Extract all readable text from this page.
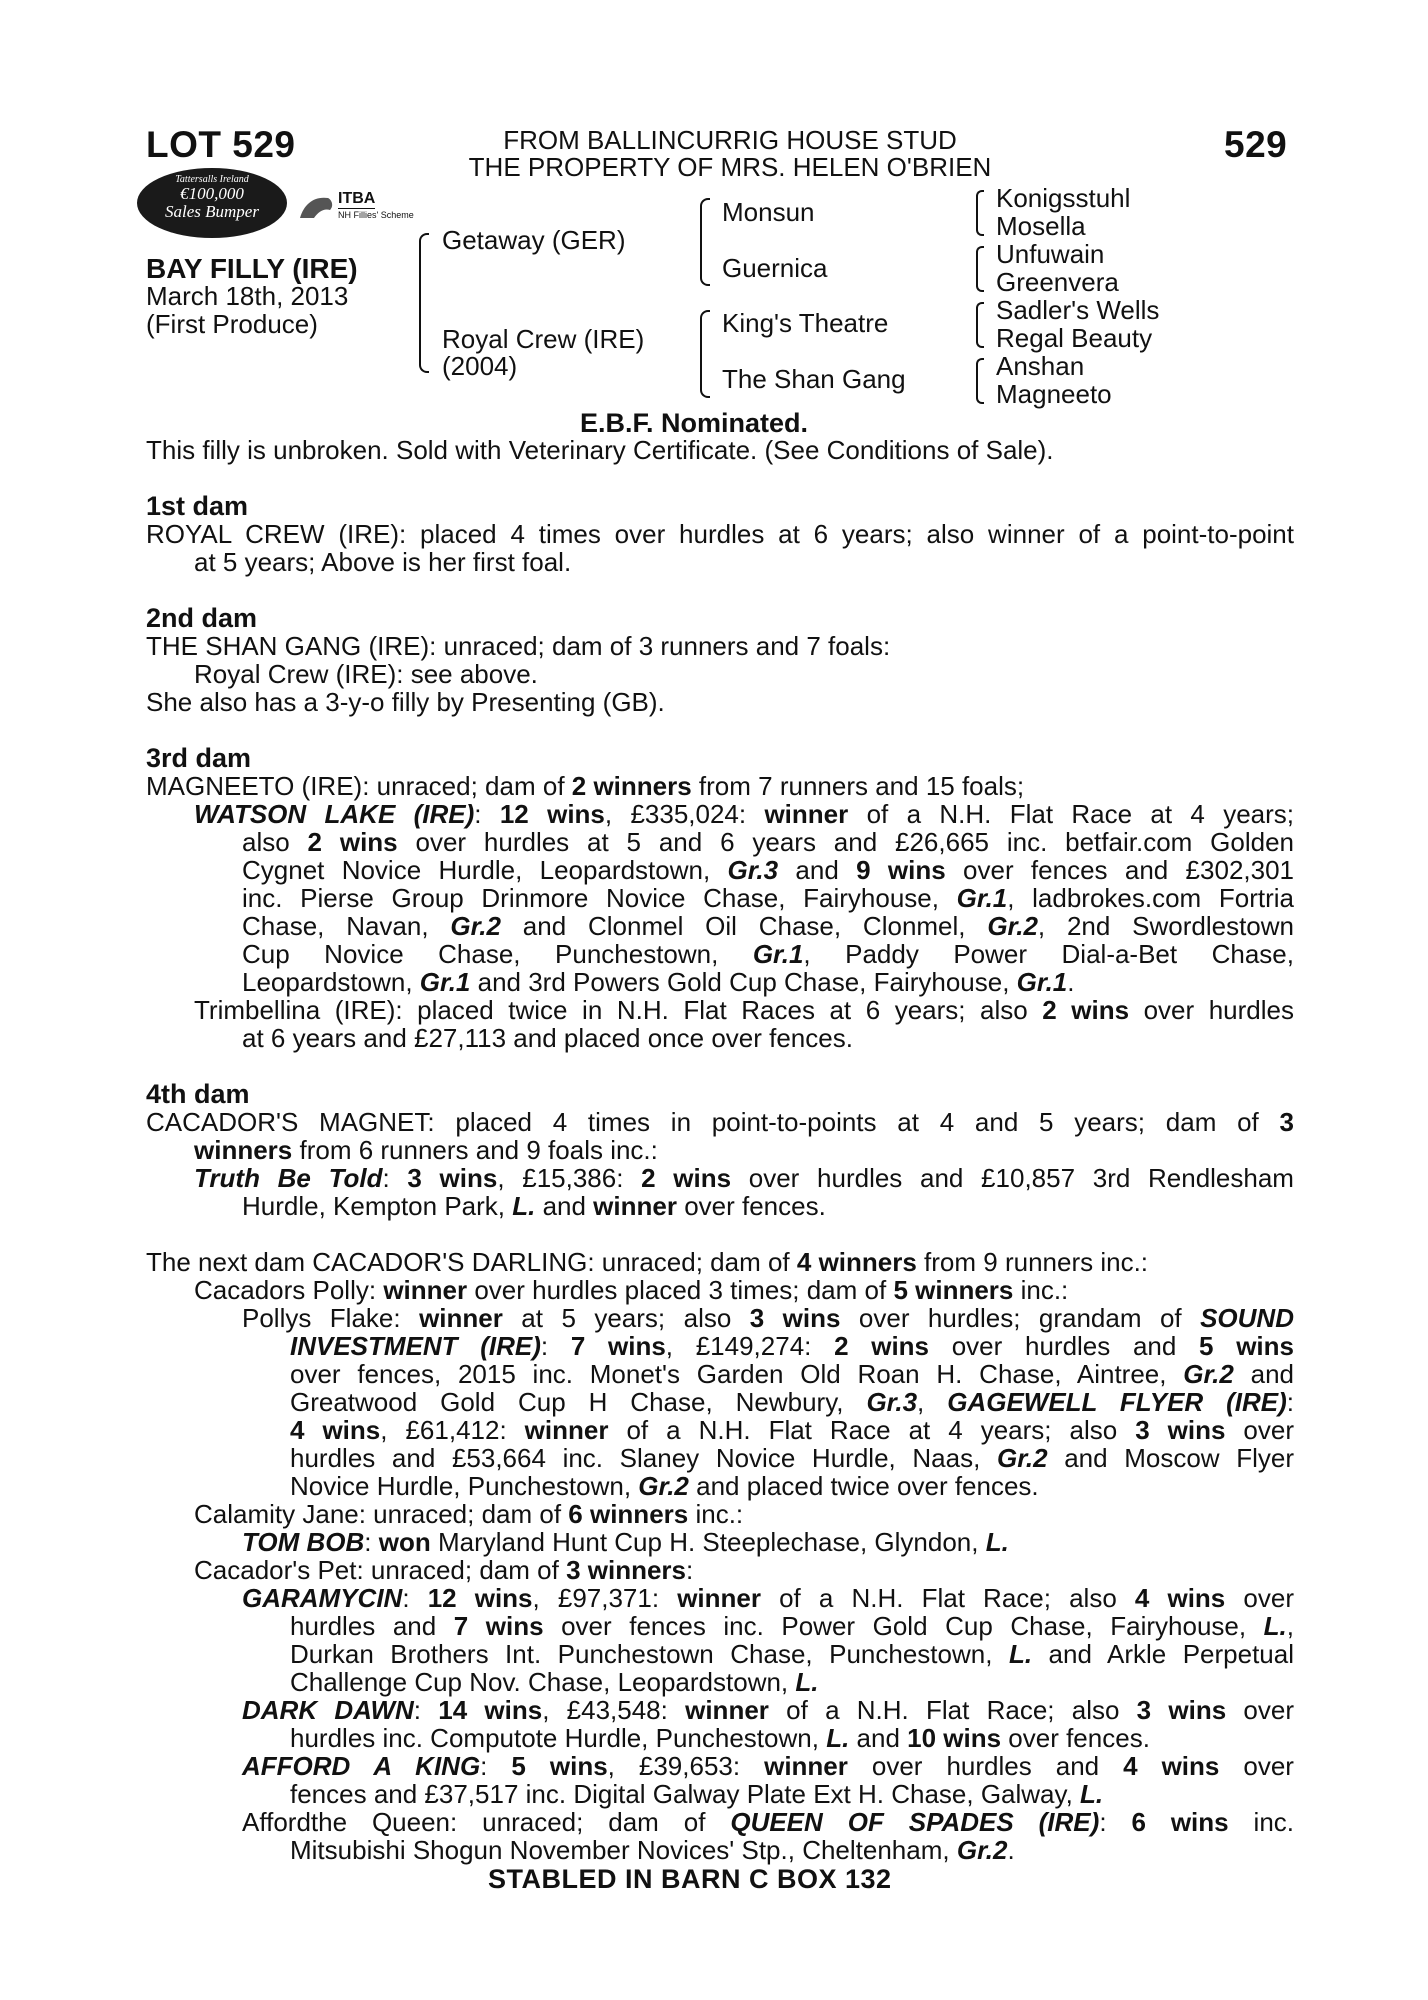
LOT 529	529
FROM BALLINCURRIG HOUSE STUD
THE PROPERTY OF MRS. HELEN O'BRIEN
Tattersalls Ireland
€100,000
Sales Bumper
ITBA
NH Fillies' Scheme
BAY FILLY (IRE)
March 18th, 2013
(First Produce)
Getaway (GER)
Royal Crew (IRE)
(2004)
Monsun
Guernica
King's Theatre
The Shan Gang
Konigsstuhl
Mosella
Unfuwain
Greenvera
Sadler's Wells
Regal Beauty
Anshan
Magneeto
E.B.F. Nominated.
This filly is unbroken. Sold with Veterinary Certificate. (See Conditions of Sale).
1st dam
ROYAL CREW (IRE): placed 4 times over hurdles at 6 years; also winner of a point-to-point
at 5 years; Above is her first foal.
2nd dam
THE SHAN GANG (IRE): unraced; dam of 3 runners and 7 foals:
Royal Crew (IRE): see above.
She also has a 3-y-o filly by Presenting (GB).
3rd dam
MAGNEETO (IRE): unraced; dam of 2 winners from 7 runners and 15 foals;
WATSON LAKE (IRE): 12 wins, £335,024: winner of a N.H. Flat Race at 4 years;
also 2 wins over hurdles at 5 and 6 years and £26,665 inc. betfair.com Golden
Cygnet Novice Hurdle, Leopardstown, Gr.3 and 9 wins over fences and £302,301
inc. Pierse Group Drinmore Novice Chase, Fairyhouse, Gr.1, ladbrokes.com Fortria
Chase, Navan, Gr.2 and Clonmel Oil Chase, Clonmel, Gr.2, 2nd Swordlestown
Cup Novice Chase, Punchestown, Gr.1, Paddy Power Dial-a-Bet Chase,
Leopardstown, Gr.1 and 3rd Powers Gold Cup Chase, Fairyhouse, Gr.1.
Trimbellina (IRE): placed twice in N.H. Flat Races at 6 years; also 2 wins over hurdles
at 6 years and £27,113 and placed once over fences.
4th dam
CACADOR'S MAGNET: placed 4 times in point-to-points at 4 and 5 years; dam of 3
winners from 6 runners and 9 foals inc.:
Truth Be Told: 3 wins, £15,386: 2 wins over hurdles and £10,857 3rd Rendlesham
Hurdle, Kempton Park, L. and winner over fences.
The next dam CACADOR'S DARLING: unraced; dam of 4 winners from 9 runners inc.:
Cacadors Polly: winner over hurdles placed 3 times; dam of 5 winners inc.:
Pollys Flake: winner at 5 years; also 3 wins over hurdles; grandam of SOUND
INVESTMENT (IRE): 7 wins, £149,274: 2 wins over hurdles and 5 wins
over fences, 2015 inc. Monet's Garden Old Roan H. Chase, Aintree, Gr.2 and
Greatwood Gold Cup H Chase, Newbury, Gr.3, GAGEWELL FLYER (IRE):
4 wins, £61,412: winner of a N.H. Flat Race at 4 years; also 3 wins over
hurdles and £53,664 inc. Slaney Novice Hurdle, Naas, Gr.2 and Moscow Flyer
Novice Hurdle, Punchestown, Gr.2 and placed twice over fences.
Calamity Jane: unraced; dam of 6 winners inc.:
TOM BOB: won Maryland Hunt Cup H. Steeplechase, Glyndon, L.
Cacador's Pet: unraced; dam of 3 winners:
GARAMYCIN: 12 wins, £97,371: winner of a N.H. Flat Race; also 4 wins over
hurdles and 7 wins over fences inc. Power Gold Cup Chase, Fairyhouse, L.,
Durkan Brothers Int. Punchestown Chase, Punchestown, L. and Arkle Perpetual
Challenge Cup Nov. Chase, Leopardstown, L.
DARK DAWN: 14 wins, £43,548: winner of a N.H. Flat Race; also 3 wins over
hurdles inc. Computote Hurdle, Punchestown, L. and 10 wins over fences.
AFFORD A KING: 5 wins, £39,653: winner over hurdles and 4 wins over
fences and £37,517 inc. Digital Galway Plate Ext H. Chase, Galway, L.
Affordthe Queen: unraced; dam of QUEEN OF SPADES (IRE): 6 wins inc.
Mitsubishi Shogun November Novices' Stp., Cheltenham, Gr.2.
STABLED IN BARN C BOX 132
